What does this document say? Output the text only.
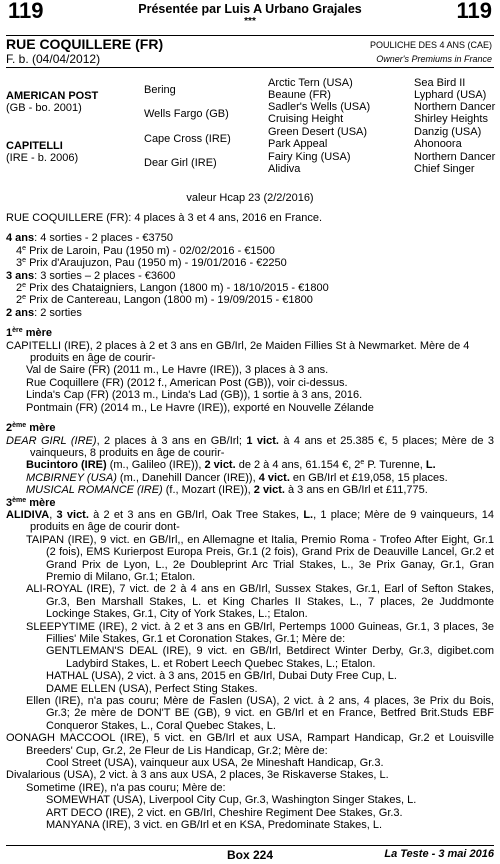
119	119
Présentée par Luis A Urbano Grajales
***
RUE COQUILLERE (FR)
F. b. (04/04/2012)
POULICHE DES 4 ANS (CAE)
Owner's Premiums in France
AMERICAN POST
(GB - bo. 2001)
CAPITELLI
(IRE - b. 2006)
Bering
Wells Fargo (GB)
Cape Cross (IRE)
Dear Girl (IRE)
Arctic Tern (USA)
Beaune (FR)
Sadler's Wells (USA)
Cruising Height
Green Desert (USA)
Park Appeal
Fairy King (USA)
Alidiva
Sea Bird II
Lyphard (USA)
Northern Dancer
Shirley Heights
Danzig (USA)
Ahonoora
Northern Dancer
Chief Singer
valeur Hcap 23 (2/2/2016)

RUE COQUILLERE (FR): 4 places à 3 et 4 ans, 2016 en France.

4 ans: 4 sorties - 2 places - €3750

4e Prix de Laroin, Pau (1950 m) - 02/02/2016 - €1500

3e Prix d'Araujuzon, Pau (1950 m) - 19/01/2016 - €2250

3 ans: 3 sorties – 2 places - €3600

2e Prix des Chataigniers, Langon (1800 m) - 18/10/2015 - €1800

2e Prix de Cantereau, Langon (1800 m) - 19/09/2015 - €1800

2 ans: 2 sorties

1ère mère

CAPITELLI (IRE), 2 places à 2 et 3 ans en GB/Irl, 2e Maiden Fillies St à Newmarket. Mère de 4 produits en âge de courir-

Val de Saire (FR) (2011 m., Le Havre (IRE)), 3 places à 3 ans.

Rue Coquillere (FR) (2012 f., American Post (GB)), voir ci-dessus.

Linda's Cap (FR) (2013 m., Linda's Lad (GB)), 1 sortie à 3 ans, 2016.

Pontmain (FR) (2014 m., Le Havre (IRE)), exporté en Nouvelle Zélande

2ème mère

DEAR GIRL (IRE), 2 places à 3 ans en GB/Irl; 1 vict. à 4 ans et 25.385 €, 5 places; Mère de 3 vainqueurs, 8 produits en âge de courir-

Bucintoro (IRE) (m., Galileo (IRE)), 2 vict. de 2 à 4 ans, 61.154 €, 2e P. Turenne, L.

MCBIRNEY (USA) (m., Danehill Dancer (IRE)), 4 vict. en GB/Irl et £19,058, 15 places.

MUSICAL ROMANCE (IRE) (f., Mozart (IRE)), 2 vict. à 3 ans en GB/Irl et £11,775.

3ème mère

ALIDIVA, 3 vict. à 2 et 3 ans en GB/Irl, Oak Tree Stakes, L., 1 place; Mère de 9 vainqueurs, 14 produits en âge de courir dont-

TAIPAN (IRE), 9 vict. en GB/Irl,, en Allemagne et Italia, Premio Roma - Trofeo After Eight, Gr.1 (2 fois), EMS Kurierpost Europa Preis, Gr.1 (2 fois), Grand Prix de Deauville Lancel, Gr.2 et Grand Prix de Lyon, L., 2e Doubleprint Arc Trial Stakes, L., 3e Prix Ganay, Gr.1, Gran Premio di Milano, Gr.1; Etalon.

ALI-ROYAL (IRE), 7 vict. de 2 à 4 ans en GB/Irl, Sussex Stakes, Gr.1, Earl of Sefton Stakes, Gr.3, Ben Marshall Stakes, L. et King Charles II Stakes, L., 7 places, 2e Juddmonte Lockinge Stakes, Gr.1, City of York Stakes, L.; Etalon.

SLEEPYTIME (IRE), 2 vict. à 2 et 3 ans en GB/Irl, Pertemps 1000 Guineas, Gr.1, 3 places, 3e Fillies' Mile Stakes, Gr.1 et Coronation Stakes, Gr.1; Mère de:

GENTLEMAN'S DEAL (IRE), 9 vict. en GB/Irl, Betdirect Winter Derby, Gr.3, digibet.com Ladybird Stakes, L. et Robert Leech Quebec Stakes, L.; Etalon.

HATHAL (USA), 2 vict. à 3 ans, 2015 en GB/Irl, Dubai Duty Free Cup, L.

DAME ELLEN (USA), Perfect Sting Stakes.

Ellen (IRE), n'a pas couru; Mère de Faslen (USA), 2 vict. à 2 ans, 4 places, 3e Prix du Bois, Gr.3; 2e mère de DON'T BE (GB), 9 vict. en GB/Irl et en France, Betfred Brit.Studs EBF Conqueror Stakes, L., Coral Quebec Stakes, L.

OONAGH MACCOOL (IRE), 5 vict. en GB/Irl et aux USA, Rampart Handicap, Gr.2 et Louisville Breeders' Cup, Gr.2, 2e Fleur de Lis Handicap, Gr.2; Mère de:

Cool Street (USA), vainqueur aux USA, 2e Mineshaft Handicap, Gr.3.

Divalarious (USA), 2 vict. à 3 ans aux USA, 2 places, 3e Riskaverse Stakes, L.

Sometime (IRE), n'a pas couru; Mère de:

SOMEWHAT (USA), Liverpool City Cup, Gr.3, Washington Singer Stakes, L.

ART DECO (IRE), 2 vict. en GB/Irl, Cheshire Regiment Dee Stakes, Gr.3.

MANYANA (IRE), 3 vict. en GB/Irl et en KSA, Predominate Stakes, L.

Box 224	La Teste - 3 mai 2016
